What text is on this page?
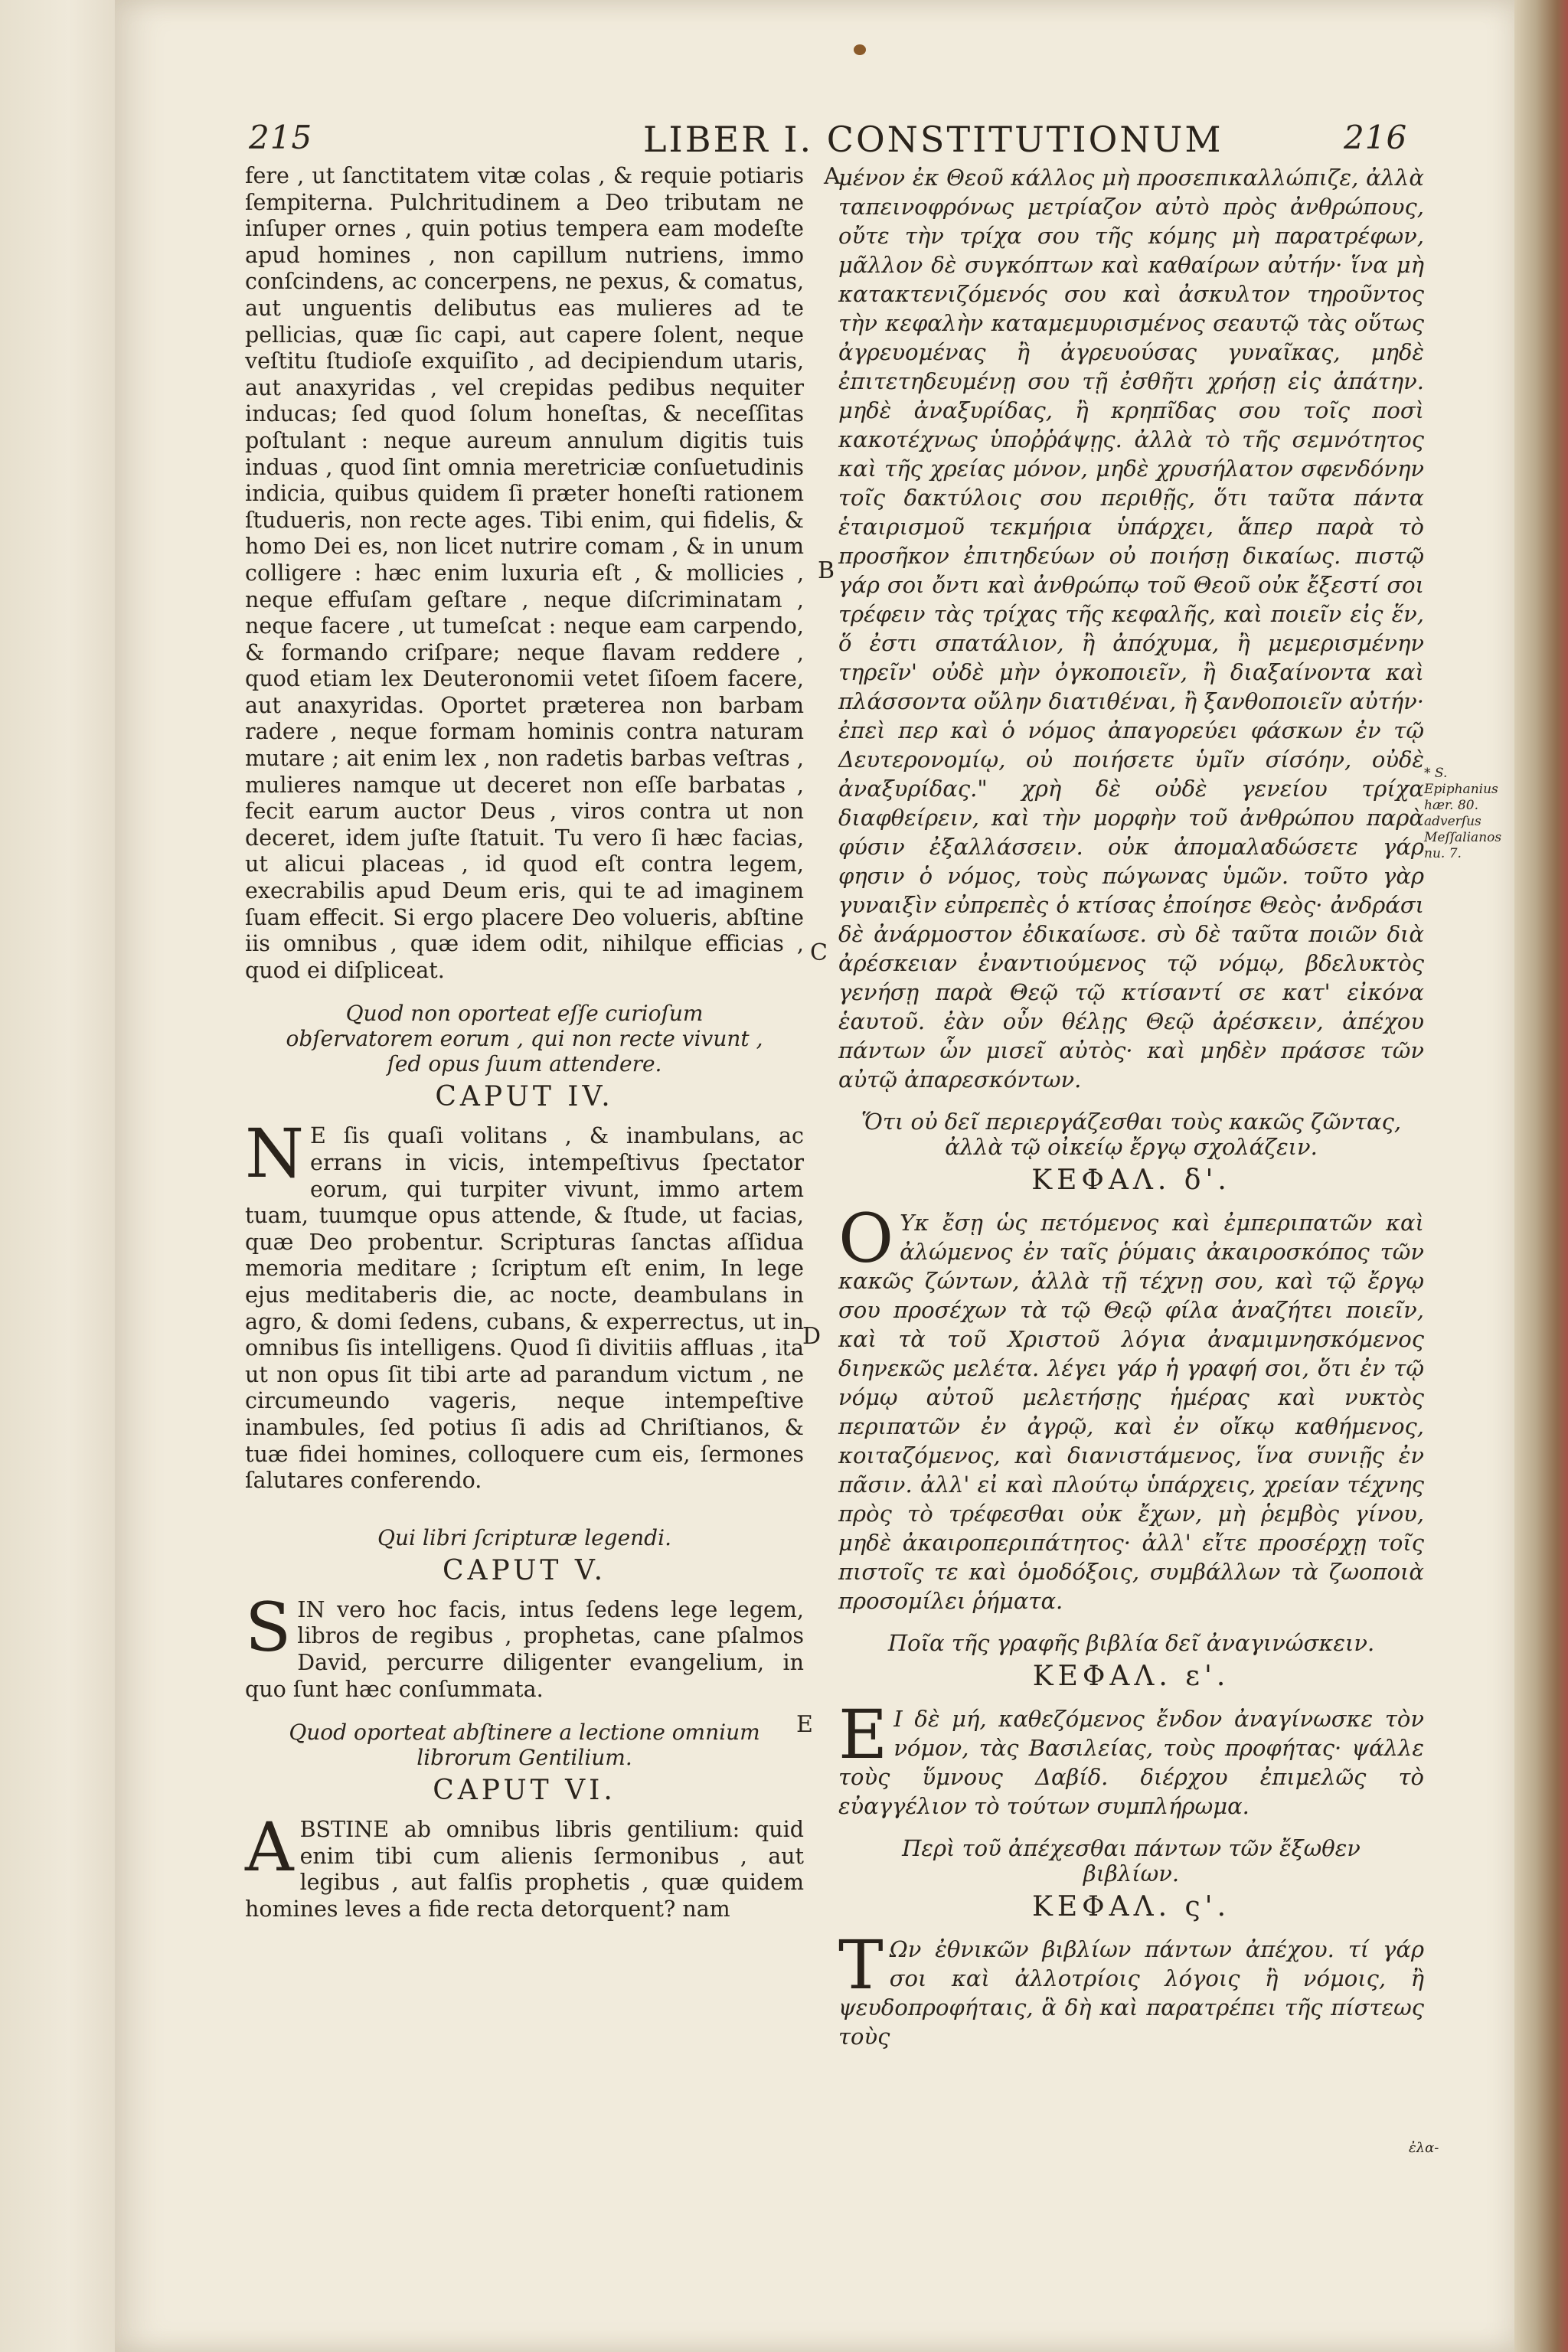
215	LIBER I. CONSTITUTIONUM	216

fere , ut ſanctitatem vitæ colas , & requie potiaris ſempiterna. Pulchritudinem a Deo tributam ne inſuper ornes , quin potius tempera eam modeſte apud homines , non capillum nutriens, immo conſcindens, ac concerpens, ne pexus, & comatus, aut unguentis delibutus eas mulieres ad te pellicias, quæ ſic capi, aut capere ſolent, neque veſtitu ſtudioſe exquiſito , ad decipiendum utaris, aut anaxyridas , vel crepidas pedibus nequiter inducas; ſed quod ſolum honeſtas, & neceſſitas poſtulant : neque aureum annulum digitis tuis induas , quod ſint omnia meretriciæ conſuetudinis indicia, quibus quidem ſi præter honeſti rationem ſtudueris, non recte ages. Tibi enim, qui fidelis, & homo Dei es, non licet nutrire comam , & in unum colligere : hæc enim luxuria eſt , & mollicies , neque effuſam geſtare , neque diſcriminatam , neque facere , ut tumeſcat : neque eam carpendo, & formando criſpare; neque flavam reddere , quod etiam lex Deuteronomii vetet ſiſoem facere, aut anaxyridas. Oportet præterea non barbam radere , neque formam hominis contra naturam mutare ; ait enim lex , non radetis barbas veſtras , mulieres namque ut deceret non eſſe barbatas , fecit earum auctor Deus , viros contra ut non deceret, idem juſte ſtatuit. Tu vero ſi hæc facias, ut alicui placeas , id quod eſt contra legem, execrabilis apud Deum eris, qui te ad imaginem ſuam effecit. Si ergo placere Deo volueris, abſtine iis omnibus , quæ idem odit, nihilque efficias , quod ei diſpliceat.

Quod non oporteat eſſe curioſum obſervatorem eorum , qui non recte vivunt , ſed opus ſuum attendere.
CAPUT IV.

N E ſis quaſi volitans , & inambulans, ac errans in vicis, intempeſtivus ſpectator eorum, qui turpiter vivunt, immo artem tuam, tuumque opus attende, & ſtude, ut facias, quæ Deo probentur. Scripturas ſanctas aſſidua memoria meditare ; ſcriptum eſt enim, In lege ejus meditaberis die, ac nocte, deambulans in agro, & domi ſedens, cubans, & experrectus, ut in omnibus ſis intelligens. Quod ſi divitiis affluas , ita ut non opus ſit tibi arte ad parandum victum , ne circumeundo vageris, neque intempeſtive inambules, ſed potius ſi adis ad Chriſtianos, & tuæ fidei homines, colloquere cum eis, ſermones ſalutares conferendo.

Qui libri ſcripturæ legendi.
CAPUT V.

SIN vero hoc facis, intus ſedens lege legem, libros de regibus , prophetas, cane pſalmos David, percurre diligenter evangelium, in quo ſunt hæc conſummata.

Quod oporteat abſtinere a lectione omnium librorum Gentilium.
CAPUT VI.

ABSTINE ab omnibus libris gentilium: quid enim tibi cum alienis ſermonibus , aut legibus , aut falſis prophetis , quæ quidem homines leves a fide recta detorquent? nam

A
B
C
D
E

μένον ἐκ Θεοῦ κάλλος μὴ προσεπικαλλώπιζε, ἀλλὰ ταπεινοφρόνως μετρίαζον αὐτὸ πρὸς ἀνθρώπους, οὔτε τὴν τρίχα σου τῆς κόμης μὴ παρατρέφων, μᾶλλον δὲ συγκόπτων καὶ καθαίρων αὐτήν· ἵνα μὴ κατακτενιζόμενός σου καὶ ἀσκυλτον τηροῦντος τὴν κεφαλὴν καταμεμυρισμένος σεαυτῷ τὰς οὕτως ἀγρευομένας ἢ ἀγρευούσας γυναῖκας, μηδὲ ἐπιτετηδευμένῃ σου τῇ ἐσθῆτι χρήσῃ εἰς ἀπάτην. μηδὲ ἀναξυρίδας, ἢ κρηπῖδας σου τοῖς ποσὶ κακοτέχνως ὑποῤῥάψῃς. ἀλλὰ τὸ τῆς σεμνότητος καὶ τῆς χρείας μόνον, μηδὲ χρυσήλατον σφενδόνην τοῖς δακτύλοις σου περιθῇς, ὅτι ταῦτα πάντα ἑταιρισμοῦ τεκμήρια ὑπάρχει, ἅπερ παρὰ τὸ προσῆκον ἐπιτηδεύων οὐ ποιήσῃ δικαίως. πιστῷ γάρ σοι ὄντι καὶ ἀνθρώπῳ τοῦ Θεοῦ οὐκ ἔξεστί σοι τρέφειν τὰς τρίχας τῆς κεφαλῆς, καὶ ποιεῖν εἰς ἕν, ὅ ἐστι σπατάλιον, ἢ ἀπόχυμα, ἢ μεμερισμένην τηρεῖν' οὐδὲ μὴν ὀγκοποιεῖν, ἢ διαξαίνοντα καὶ πλάσσοντα οὔλην διατιθέναι, ἢ ξανθοποιεῖν αὐτήν· ἐπεὶ περ καὶ ὁ νόμος ἀπαγορεύει φάσκων ἐν τῷ Δευτερονομίῳ, οὐ ποιήσετε ὑμῖν σίσόην, οὐδὲ ἀναξυρίδας." χρὴ δὲ οὐδὲ γενείου τρίχα διαφθείρειν, καὶ τὴν μορφὴν τοῦ ἀνθρώπου παρὰ φύσιν ἐξαλλάσσειν. οὐκ ἀπομαλαδώσετε γάρ φησιν ὁ νόμος, τοὺς πώγωνας ὑμῶν. τοῦτο γὰρ γυναιξὶν εὐπρεπὲς ὁ κτίσας ἐποίησε Θεὸς· ἀνδράσι δὲ ἀνάρμοστον ἐδικαίωσε. σὺ δὲ ταῦτα ποιῶν διὰ ἀρέσκειαν ἐναντιούμενος τῷ νόμῳ, βδελυκτὸς γενήσῃ παρὰ Θεῷ τῷ κτίσαντί σε κατ' εἰκόνα ἑαυτοῦ. ἐὰν οὖν θέλῃς Θεῷ ἀρέσκειν, ἀπέχου πάντων ὧν μισεῖ αὐτὸς· καὶ μηδὲν πράσσε τῶν αὐτῷ ἀπαρεσκόντων.

Ὅτι οὐ δεῖ περιεργάζεσθαι τοὺς κακῶς ζῶντας, ἀλλὰ τῷ οἰκείῳ ἔργῳ σχολάζειν.
ΚΕΦΑΛ. δ'.

Ο Υκ ἔσῃ ὡς πετόμενος καὶ ἐμπεριπατῶν καὶ ἀλώμενος ἐν ταῖς ῥύμαις ἀκαιροσκόπος τῶν κακῶς ζώντων, ἀλλὰ τῇ τέχνῃ σου, καὶ τῷ ἔργῳ σου προσέχων τὰ τῷ Θεῷ φίλα ἀναζήτει ποιεῖν, καὶ τὰ τοῦ Χριστοῦ λόγια ἀναμιμνησκόμενος διηνεκῶς μελέτα. λέγει γάρ ἡ γραφή σοι, ὅτι ἐν τῷ νόμῳ αὐτοῦ μελετήσῃς ἡμέρας καὶ νυκτὸς περιπατῶν ἐν ἀγρῷ, καὶ ἐν οἴκῳ καθήμενος, κοιταζόμενος, καὶ διανιστάμενος, ἵνα συνιῇς ἐν πᾶσιν. ἀλλ' εἰ καὶ πλούτῳ ὑπάρχεις, χρείαν τέχνης πρὸς τὸ τρέφεσθαι οὐκ ἔχων, μὴ ῥεμβὸς γίνου, μηδὲ ἀκαιροπεριπάτητος· ἀλλ' εἴτε προσέρχῃ τοῖς πιστοῖς τε καὶ ὁμοδόξοις, συμβάλλων τὰ ζωοποιὰ προσομίλει ῥήματα.

Ποῖα τῆς γραφῆς βιβλία δεῖ ἀναγινώσκειν.
ΚΕΦΑΛ. ε'.

Ε Ι δὲ μή, καθεζόμενος ἔνδον ἀναγίνωσκε τὸν νόμον, τὰς Βασιλείας, τοὺς προφήτας· ψάλλε τοὺς ὕμνους Δαβίδ. διέρχου ἐπιμελῶς τὸ εὐαγγέλιον τὸ τούτων συμπλήρωμα.

Περὶ τοῦ ἀπέχεσθαι πάντων τῶν ἔξωθεν βιβλίων.
ΚΕΦΑΛ. ς'.

Τ Ων ἐθνικῶν βιβλίων πάντων ἀπέχου. τί γάρ σοι καὶ ἀλλοτρίοις λόγοις ἢ νόμοις, ἢ ψευδοπροφήταις, ἃ δὴ καὶ παρατρέπει τῆς πίστεως τοὺς

* S. Epiphanius hær. 80. adverſus Meſſalianos nu. 7.
ἐλα-
